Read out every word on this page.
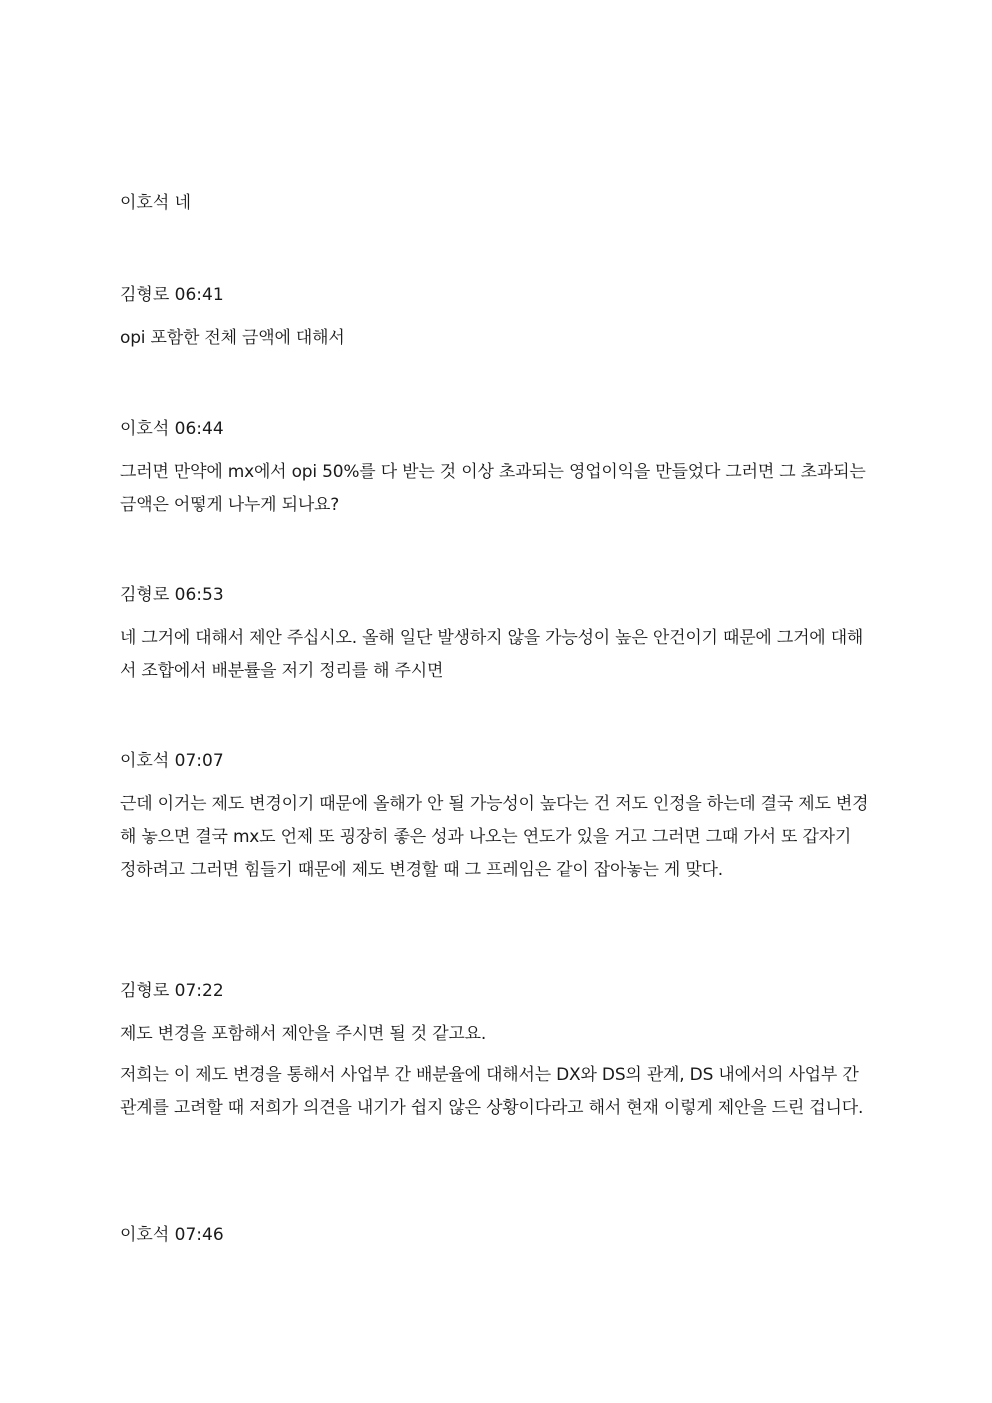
이호석 네

김형로 06:41

opi 포함한 전체 금액에 대해서

이호석 06:44

그러면 만약에 mx에서 opi 50%를 다 받는 것 이상 초과되는 영업이익을 만들었다 그러면 그 초과되는 금액은 어떻게 나누게 되나요?

김형로 06:53

네 그거에 대해서 제안 주십시오. 올해 일단 발생하지 않을 가능성이 높은 안건이기 때문에 그거에 대해서 조합에서 배분률을 저기 정리를 해 주시면

이호석 07:07

근데 이거는 제도 변경이기 때문에 올해가 안 될 가능성이 높다는 건 저도 인정을 하는데 결국 제도 변경해 놓으면 결국 mx도 언제 또 굉장히 좋은 성과 나오는 연도가 있을 거고 그러면 그때 가서 또 갑자기 정하려고 그러면 힘들기 때문에 제도 변경할 때 그 프레임은 같이 잡아놓는 게 맞다.

김형로 07:22

제도 변경을 포함해서 제안을 주시면 될 것 같고요.

저희는 이 제도 변경을 통해서 사업부 간 배분율에 대해서는 DX와 DS의 관계, DS 내에서의 사업부 간 관계를 고려할 때 저희가 의견을 내기가 쉽지 않은 상황이다라고 해서 현재 이렇게 제안을 드린 겁니다.

이호석 07:46
